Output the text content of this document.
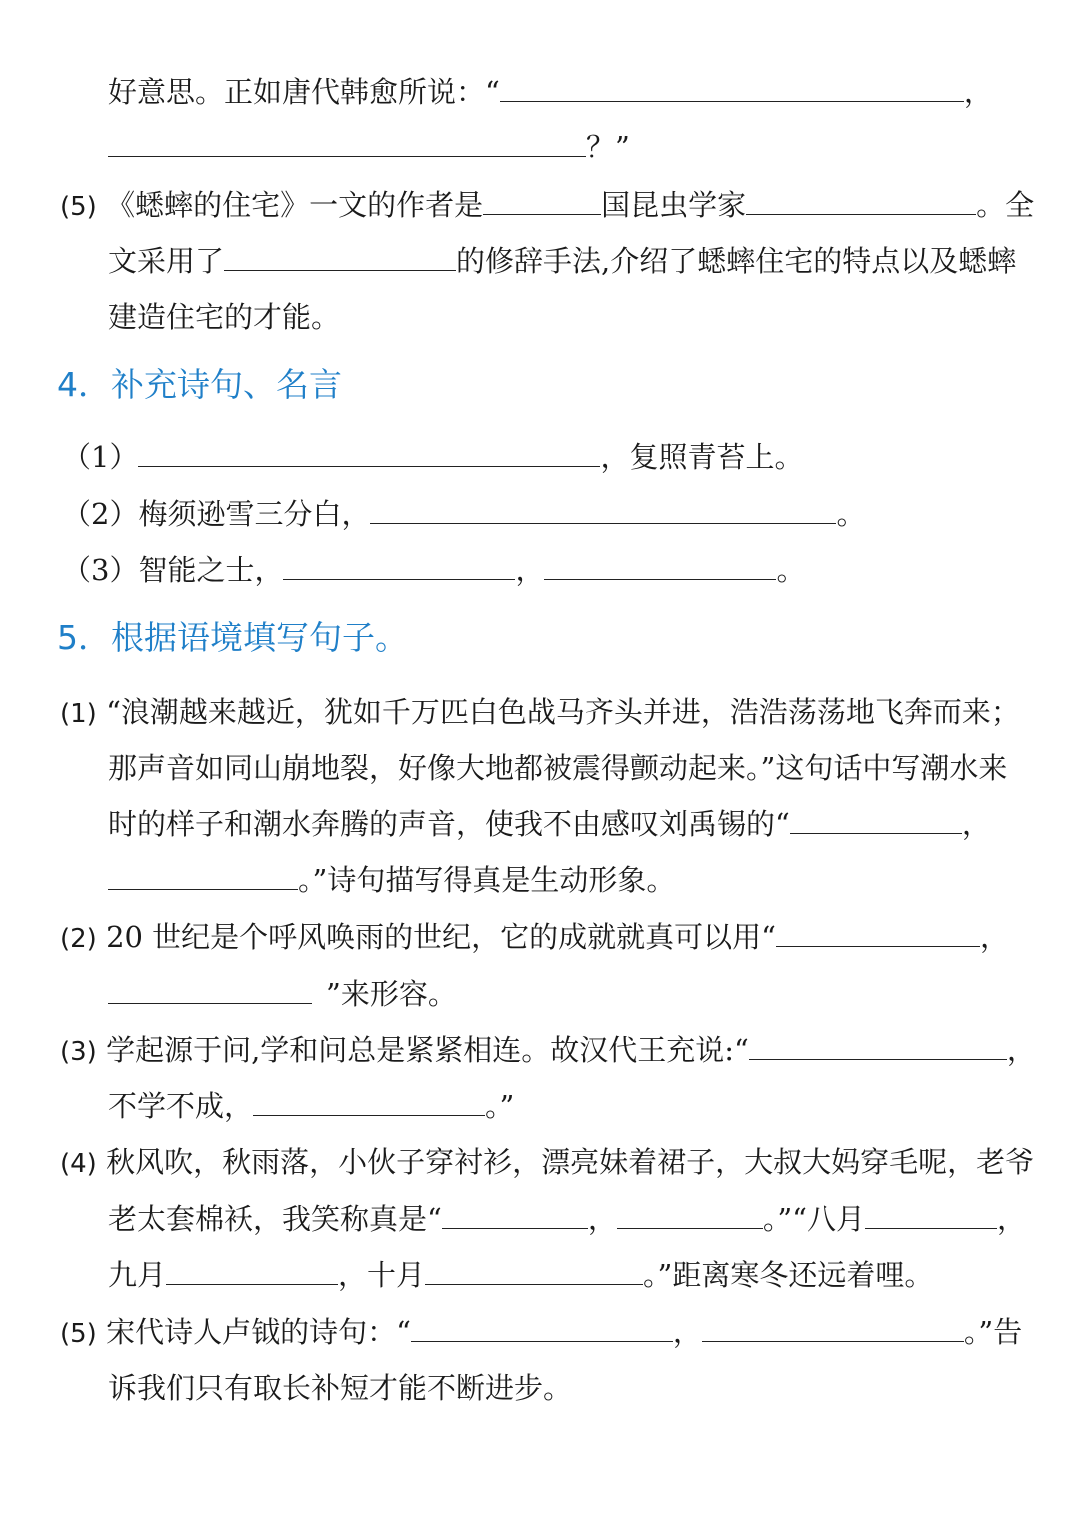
好意思。正如唐代韩愈所说：“	，
？”
(5) 《蟋蟀的住宅》一文的作者是	国昆虫学家	。全
文采用了	的修辞手法,介绍了蟋蟀住宅的特点以及蟋蟀
建造住宅的才能。
4．补充诗句、名言
（1）	，复照青苔上。
（2）梅须逊雪三分白，	。
（3）智能之士，	，	。
5．根据语境填写句子。
(1) “浪潮越来越近，犹如千万匹白色战马齐头并进，浩浩荡荡地飞奔而来；
那声音如同山崩地裂，好像大地都被震得颤动起来。”这句话中写潮水来
时的样子和潮水奔腾的声音，使我不由感叹刘禹锡的“	，
。”诗句描写得真是生动形象。
(2) 20 世纪是个呼风唤雨的世纪，它的成就就真可以用“	，
”来形容。
(3) 学起源于问,学和问总是紧紧相连。故汉代王充说:“	，
不学不成，	。”
(4) 秋风吹，秋雨落，小伙子穿衬衫，漂亮妹着裙子，大叔大妈穿毛呢，老爷
老太套棉袄，我笑称真是“	，	。”“八月	，
九月	，十月	。”距离寒冬还远着哩。
(5) 宋代诗人卢钺的诗句：“	，	。”告
诉我们只有取长补短才能不断进步。
